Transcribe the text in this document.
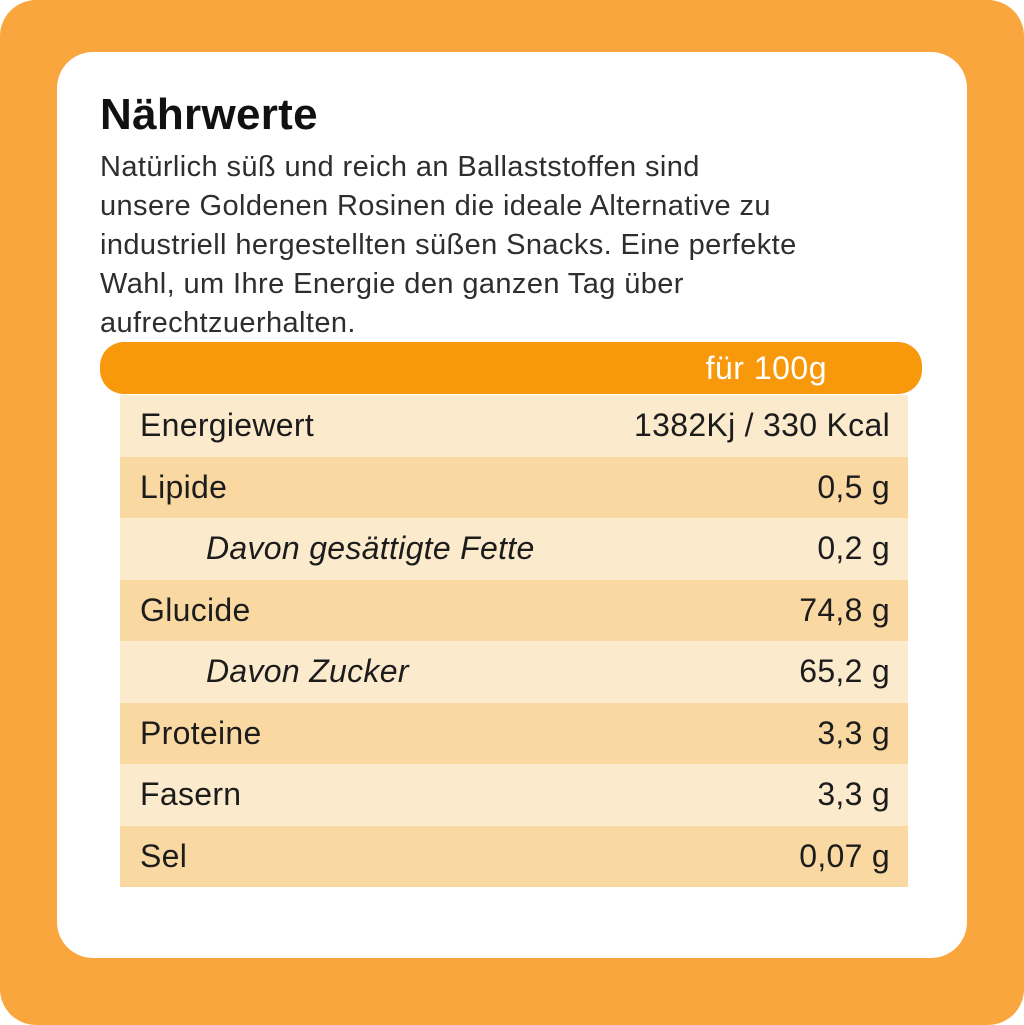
Nährwerte
Natürlich süß und reich an Ballaststoffen sind
unsere Goldenen Rosinen die ideale Alternative zu
industriell hergestellten süßen Snacks. Eine perfekte
Wahl, um Ihre Energie den ganzen Tag über
aufrechtzuerhalten.
für 100g
Energiewert	1382Kj / 330 Kcal
Lipide	0,5 g
Davon gesättigte Fette	0,2 g
Glucide	74,8 g
Davon Zucker	65,2 g
Proteine	3,3 g
Fasern	3,3 g
Sel	0,07 g
